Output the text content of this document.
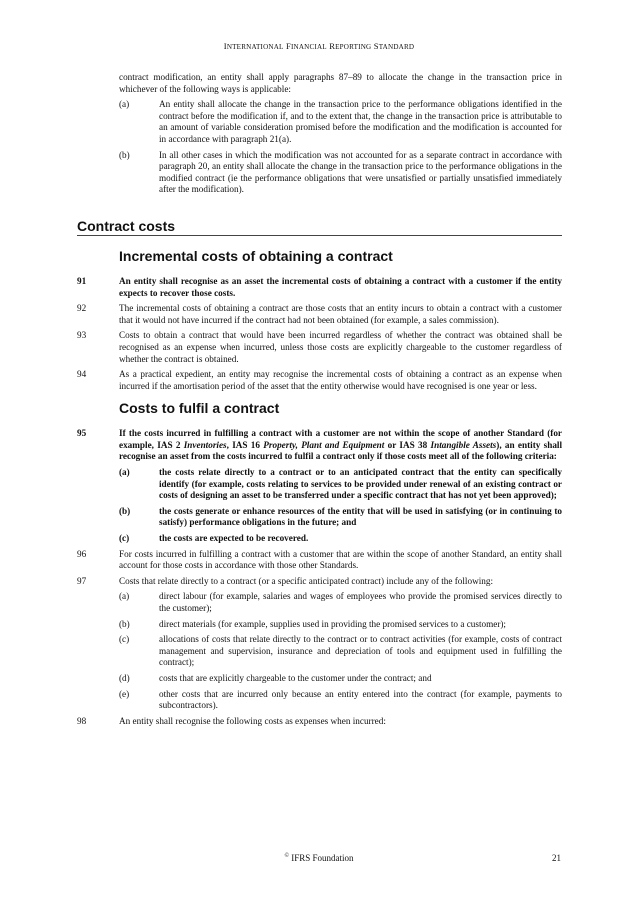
INTERNATIONAL FINANCIAL REPORTING STANDARD

contract modification, an entity shall apply paragraphs 87–89 to allocate the change in the transaction price in whichever of the following ways is applicable:

(a)	An entity shall allocate the change in the transaction price to the performance obligations identified in the contract before the modification if, and to the extent that, the change in the transaction price is attributable to an amount of variable consideration promised before the modification and the modification is accounted for in accordance with paragraph 21(a).
(b)	In all other cases in which the modification was not accounted for as a separate contract in accordance with paragraph 20, an entity shall allocate the change in the transaction price to the performance obligations in the modified contract (ie the performance obligations that were unsatisfied or partially unsatisfied immediately after the modification).
Contract costs
Incremental costs of obtaining a contract
91	An entity shall recognise as an asset the incremental costs of obtaining a contract with a customer if the entity expects to recover those costs.
92	The incremental costs of obtaining a contract are those costs that an entity incurs to obtain a contract with a customer that it would not have incurred if the contract had not been obtained (for example, a sales commission).
93	Costs to obtain a contract that would have been incurred regardless of whether the contract was obtained shall be recognised as an expense when incurred, unless those costs are explicitly chargeable to the customer regardless of whether the contract is obtained.
94	As a practical expedient, an entity may recognise the incremental costs of obtaining a contract as an expense when incurred if the amortisation period of the asset that the entity otherwise would have recognised is one year or less.
Costs to fulfil a contract
95	If the costs incurred in fulfilling a contract with a customer are not within the scope of another Standard (for example, IAS 2 Inventories, IAS 16 Property, Plant and Equipment or IAS 38 Intangible Assets), an entity shall recognise an asset from the costs incurred to fulfil a contract only if those costs meet all of the following criteria:
(a)	the costs relate directly to a contract or to an anticipated contract that the entity can specifically identify (for example, costs relating to services to be provided under renewal of an existing contract or costs of designing an asset to be transferred under a specific contract that has not yet been approved);
(b)	the costs generate or enhance resources of the entity that will be used in satisfying (or in continuing to satisfy) performance obligations in the future; and
(c)	the costs are expected to be recovered.
96	For costs incurred in fulfilling a contract with a customer that are within the scope of another Standard, an entity shall account for those costs in accordance with those other Standards.
97	Costs that relate directly to a contract (or a specific anticipated contract) include any of the following:
(a)	direct labour (for example, salaries and wages of employees who provide the promised services directly to the customer);
(b)	direct materials (for example, supplies used in providing the promised services to a customer);
(c)	allocations of costs that relate directly to the contract or to contract activities (for example, costs of contract management and supervision, insurance and depreciation of tools and equipment used in fulfilling the contract);
(d)	costs that are explicitly chargeable to the customer under the contract; and
(e)	other costs that are incurred only because an entity entered into the contract (for example, payments to subcontractors).
98	An entity shall recognise the following costs as expenses when incurred:
© IFRS Foundation	21
